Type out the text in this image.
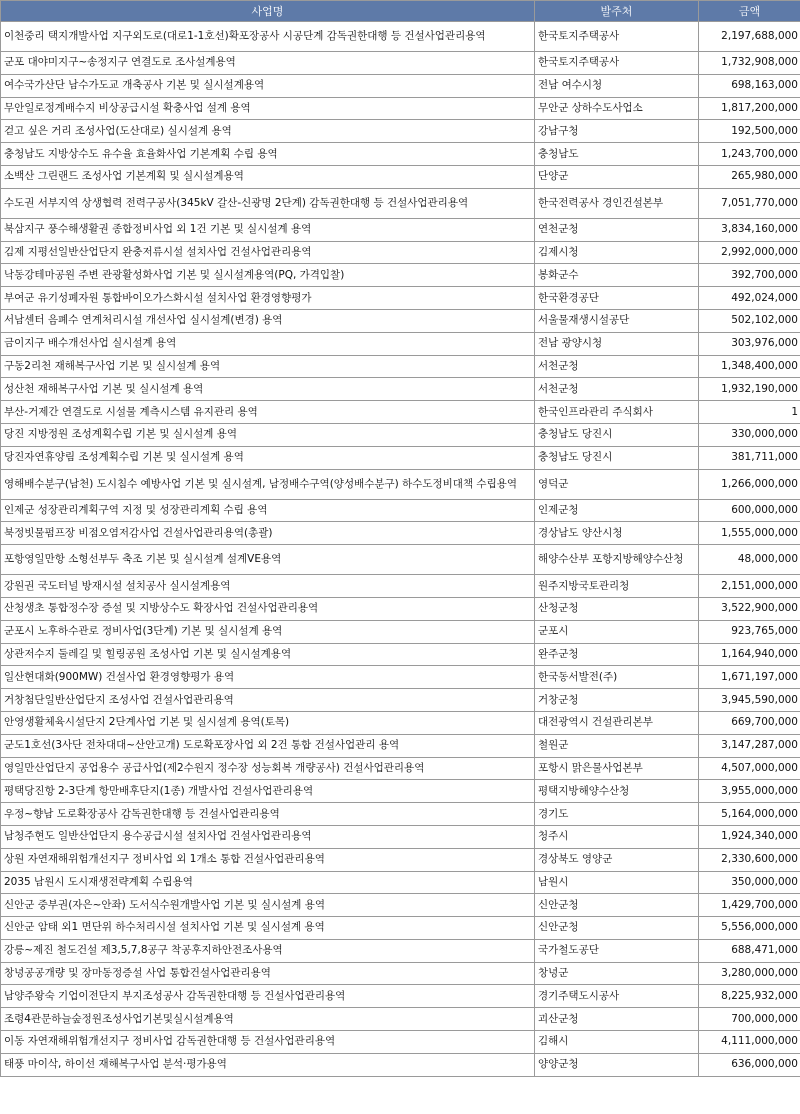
사업명	발주처	금액
이천중리 택지개발사업 지구외도로(대로1-1호선)확포장공사 시공단계 감독권한대행 등 건설사업관리용역	한국토지주택공사	2,197,688,000
군포 대야미지구~송정지구 연결도로 조사설계용역	한국토지주택공사	1,732,908,000
여수국가산단 남수가도교 개축공사 기본 및 실시설계용역	전남 여수시청	698,163,000
무안일로정계배수지 비상공급시설 확충사업 설계 용역	무안군 상하수도사업소	1,817,200,000
걷고 싶은 거리 조성사업(도산대로) 실시설계 용역	강남구청	192,500,000
충청남도 지방상수도 유수율 효율화사업 기본계획 수립 용역	충청남도	1,243,700,000
소백산 그린랜드 조성사업 기본계획 및 실시설계용역	단양군	265,980,000
수도권 서부지역 상생협력 전력구공사(345kV 갈산-신광명 2단계) 감독권한대행 등 건설사업관리용역	한국전력공사 경인건설본부	7,051,770,000
북삼지구 풍수해생활권 종합정비사업 외 1건 기본 및 실시설계 용역	연천군청	3,834,160,000
김제 지평선일반산업단지 완충저류시설 설치사업 건설사업관리용역	김제시청	2,992,000,000
낙동강테마공원 주변 관광활성화사업 기본 및 실시설계용역(PQ, 가격입찰)	봉화군수	392,700,000
부여군 유기성폐자원 통합바이오가스화시설 설치사업 환경영향평가	한국환경공단	492,024,000
서남센터 음폐수 연계처리시설 개선사업 실시설계(변경) 용역	서울물재생시설공단	502,102,000
금이지구 배수개선사업 실시설계 용역	전남 광양시청	303,976,000
구동2리천 재해복구사업 기본 및 실시설계 용역	서천군청	1,348,400,000
성산천 재해복구사업 기본 및 실시설계 용역	서천군청	1,932,190,000
부산-거제간 연결도로 시설물 계측시스템 유지관리 용역	한국인프라관리 주식회사	1
당진 지방정원 조성계획수립 기본 및 실시설계 용역	충청남도 당진시	330,000,000
당진자연휴양림 조성계획수립 기본 및 실시설계 용역	충청남도 당진시	381,711,000
영해배수분구(남천) 도시침수 예방사업 기본 및 실시설계, 남정배수구역(양성배수분구) 하수도정비대책 수립용역	영덕군	1,266,000,000
인제군 성장관리계획구역 지정 및 성장관리계획 수립 용역	인제군청	600,000,000
북정빗물펌프장 비점오염저감사업 건설사업관리용역(총괄)	경상남도 양산시청	1,555,000,000
포항영일만항 소형선부두 축조 기본 및 실시설계 설계VE용역	해양수산부 포항지방해양수산청	48,000,000
강원권 국도터널 방재시설 설치공사 실시설계용역	원주지방국토관리청	2,151,000,000
산청생초 통합정수장 증설 및 지방상수도 확장사업 건설사업관리용역	산청군청	3,522,900,000
군포시 노후하수관로 정비사업(3단계) 기본 및 실시설계 용역	군포시	923,765,000
상관저수지 둘레길 및 힐링공원 조성사업 기본 및 실시설계용역	완주군청	1,164,940,000
일산현대화(900MW) 건설사업 환경영향평가 용역	한국동서발전(주)	1,671,197,000
거창첨단일반산업단지 조성사업 건설사업관리용역	거창군청	3,945,590,000
안영생활체육시설단지 2단계사업 기본 및 실시설계 용역(토목)	대전광역시 건설관리본부	669,700,000
군도1호선(3사단 전차대대~산안고개) 도로확포장사업 외 2건 통합 건설사업관리 용역	철원군	3,147,287,000
영일만산업단지 공업용수 공급사업(제2수원지 정수장 성능회복 개량공사) 건설사업관리용역	포항시 맑은물사업본부	4,507,000,000
평택당진항 2-3단계 항만배후단지(1종) 개발사업 건설사업관리용역	평택지방해양수산청	3,955,000,000
우정~향남 도로확장공사 감독권한대행 등 건설사업관리용역	경기도	5,164,000,000
남청주현도 일반산업단지 용수공급시설 설치사업 건설사업관리용역	청주시	1,924,340,000
상원 자연재해위험개선지구 정비사업 외 1개소 통합 건설사업관리용역	경상북도 영양군	2,330,600,000
2035 남원시 도시재생전략계획 수립용역	남원시	350,000,000
신안군 중부권(자은~안좌) 도서식수원개발사업 기본 및 실시설계 용역	신안군청	1,429,700,000
신안군 암태 외1 면단위 하수처리시설 설치사업 기본 및 실시설계 용역	신안군청	5,556,000,000
강릉~제진 철도건설 제3,5,7,8공구 착공후지하안전조사용역	국가철도공단	688,471,000
창녕공공개량 및 장마동정증설 사업 통합건설사업관리용역	창녕군	3,280,000,000
남양주왕숙 기업이전단지 부지조성공사 감독권한대행 등 건설사업관리용역	경기주택도시공사	8,225,932,000
조령4관문하늘숲정원조성사업기본및실시설계용역	괴산군청	700,000,000
이동 자연재해위험개선지구 정비사업 감독권한대행 등 건설사업관리용역	김해시	4,111,000,000
태풍 마이삭, 하이선 재해복구사업 분석·평가용역	양양군청	636,000,000
